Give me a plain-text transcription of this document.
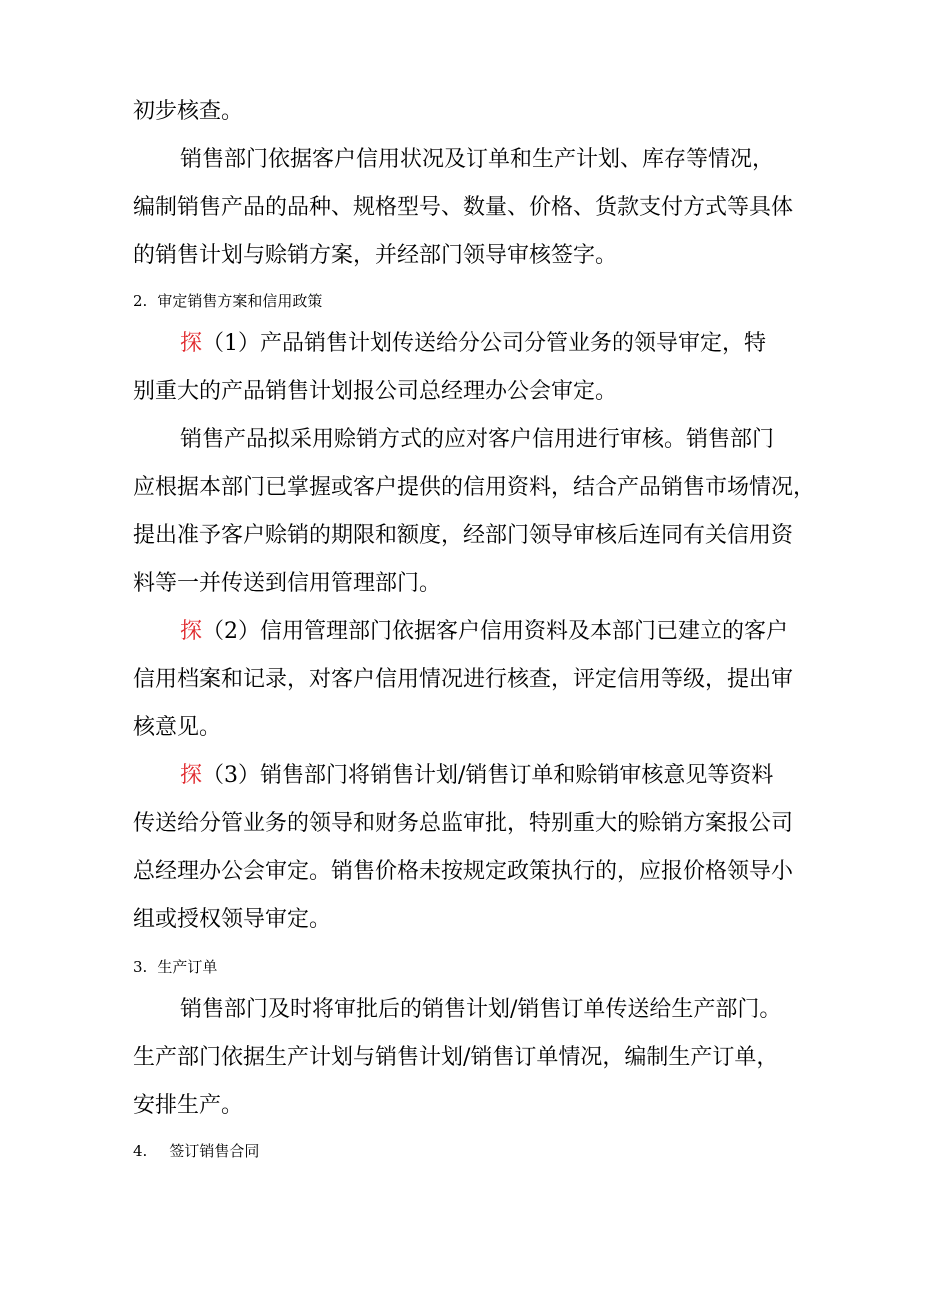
初步核查。
销售部门依据客户信用状况及订单和生产计划、库存等情况，
编制销售产品的品种、规格型号、数量、价格、货款支付方式等具体
的销售计划与赊销方案，并经部门领导审核签字。
2. 审定销售方案和信用政策
探（1）产品销售计划传送给分公司分管业务的领导审定，特
别重大的产品销售计划报公司总经理办公会审定。
销售产品拟采用赊销方式的应对客户信用进行审核。销售部门
应根据本部门已掌握或客户提供的信用资料，结合产品销售市场情况，
提出准予客户赊销的期限和额度，经部门领导审核后连同有关信用资
料等一并传送到信用管理部门。
探（2）信用管理部门依据客户信用资料及本部门已建立的客户
信用档案和记录，对客户信用情况进行核查，评定信用等级，提出审
核意见。
探（3）销售部门将销售计划/销售订单和赊销审核意见等资料
传送给分管业务的领导和财务总监审批，特别重大的赊销方案报公司
总经理办公会审定。销售价格未按规定政策执行的，应报价格领导小
组或授权领导审定。
3. 生产订单
销售部门及时将审批后的销售计划/销售订单传送给生产部门。
生产部门依据生产计划与销售计划/销售订单情况，编制生产订单，
安排生产。
4. 签订销售合同
